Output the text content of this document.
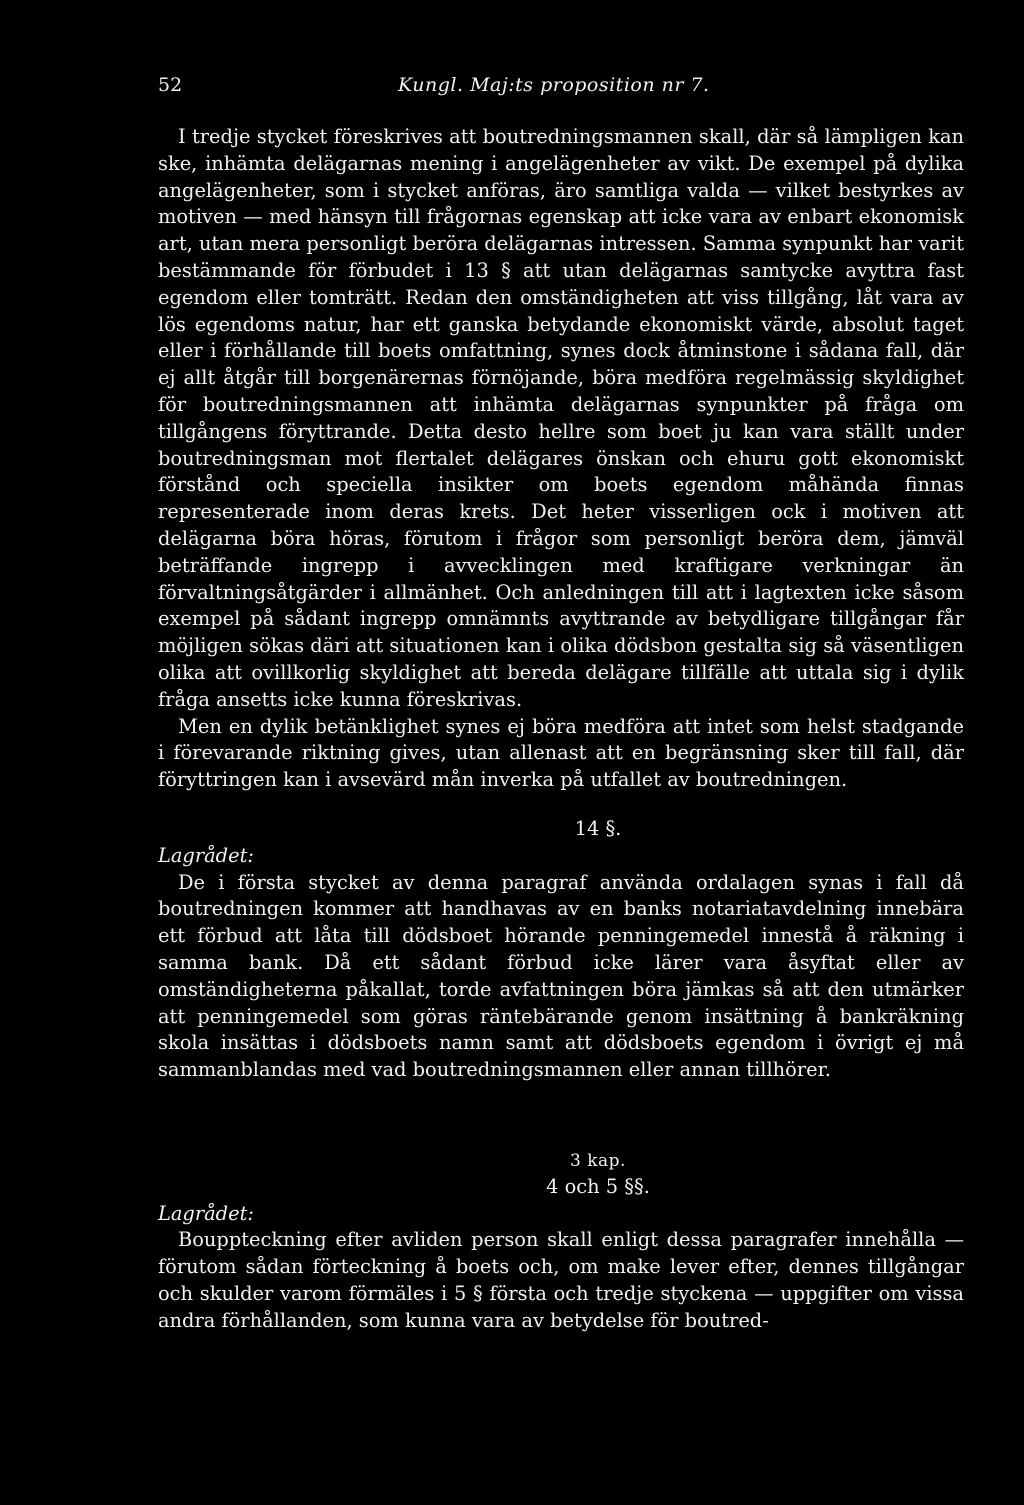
52	Kungl. Maj:ts proposition nr 7.

I tredje stycket föreskrives att boutredningsmannen skall, där så lämpligen kan ske, inhämta delägarnas mening i angelägenheter av vikt. De exempel på dylika angelägenheter, som i stycket anföras, äro samtliga valda — vilket bestyrkes av motiven — med hänsyn till frågornas egenskap att icke vara av enbart ekonomisk art, utan mera personligt beröra delägarnas intressen. Samma synpunkt har varit bestämmande för förbudet i 13 § att utan delägarnas samtycke avyttra fast egendom eller tomträtt. Redan den omständigheten att viss tillgång, låt vara av lös egendoms natur, har ett ganska betydande ekonomiskt värde, absolut taget eller i förhållande till boets omfattning, synes dock åtminstone i sådana fall, där ej allt åtgår till borgenärernas förnöjande, böra medföra regelmässig skyldighet för boutredningsmannen att inhämta delägarnas synpunkter på fråga om tillgångens föryttrande. Detta desto hellre som boet ju kan vara ställt under boutredningsman mot flertalet delägares önskan och ehuru gott ekonomiskt förstånd och speciella insikter om boets egendom måhända finnas representerade inom deras krets. Det heter visserligen ock i motiven att delägarna böra höras, förutom i frågor som personligt beröra dem, jämväl beträffande ingrepp i avvecklingen med kraftigare verkningar än förvaltningsåtgärder i allmänhet. Och anledningen till att i lagtexten icke såsom exempel på sådant ingrepp omnämnts avyttrande av betydligare tillgångar får möjligen sökas däri att situationen kan i olika dödsbon gestalta sig så väsentligen olika att ovillkorlig skyldighet att bereda delägare tillfälle att uttala sig i dylik fråga ansetts icke kunna föreskrivas.

Men en dylik betänklighet synes ej böra medföra att intet som helst stadgande i förevarande riktning gives, utan allenast att en begränsning sker till fall, där föryttringen kan i avsevärd mån inverka på utfallet av boutredningen.

14 §.
Lagrådet:

De i första stycket av denna paragraf använda ordalagen synas i fall då boutredningen kommer att handhavas av en banks notariatavdelning innebära ett förbud att låta till dödsboet hörande penningemedel innestå å räkning i samma bank. Då ett sådant förbud icke lärer vara åsyftat eller av omständigheterna påkallat, torde avfattningen böra jämkas så att den utmärker att penningemedel som göras räntebärande genom insättning å bankräkning skola insättas i dödsboets namn samt att dödsboets egendom i övrigt ej må sammanblandas med vad boutredningsmannen eller annan tillhörer.

3 kap.
4 och 5 §§.
Lagrådet:

Bouppteckning efter avliden person skall enligt dessa paragrafer innehålla — förutom sådan förteckning å boets och, om make lever efter, dennes tillgångar och skulder varom förmäles i 5 § första och tredje styckena — uppgifter om vissa andra förhållanden, som kunna vara av betydelse för boutred-
